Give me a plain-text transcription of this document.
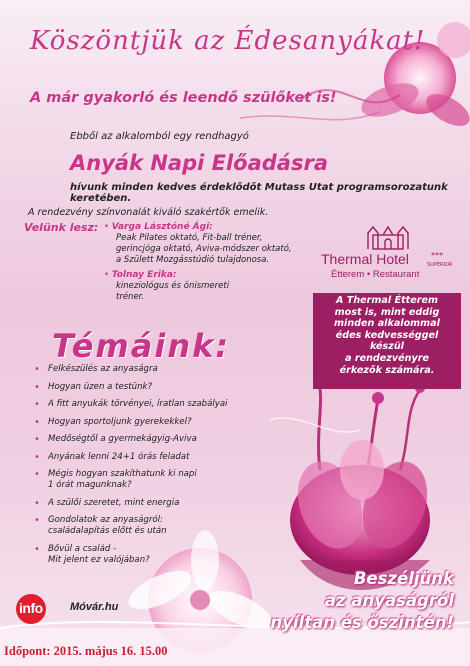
Köszöntjük az Édesanyákat!
A már gyakorló és leendő szülőket is!
Ebből az alkalomból egy rendhagyó
Anyák Napi Előadásra
hívunk minden kedves érdeklődőt Mutass Utat programsorozatunk keretében.
A rendezvény színvonalát kiváló szakértők emelik.
Velünk lesz: • Varga Lásztóné Ági:
Peak Pilates oktató, Fit-ball tréner,
gerincjóga oktató, Aviva-módszer oktató,
a Születt Mozgásstúdió tulajdonosa.
• Tolnay Erika:
kineziológus és önismereti
tréner.
Thermal Hotel	***
SUPERIOR
Étterem • Restaurant
A Thermal Étterem
most is, mint eddig
minden alkalommal
édes kedvességgel
készül
a rendezvényre
érkezők számára.
Témáink:
• Felkészülés az anyaságra
• Hogyan üzen a testünk?
• A fitt anyukák törvényei, íratlan szabályai
• Hogyan sportoljunk gyerekekkel?
• Medőségtől a gyermekágyig-Aviva
• Anyának lenni 24+1 órás feladat
• Mégis hogyan szakíthatunk ki napi
1 órát magunknak?
• A szülői szeretet, mint energia
• Gondolatok az anyaságról:
családalapítás előtt és után
• Bővül a család -
Mit jelent ez valójában?
Beszéljünk
az anyaságról
nyíltan és őszintén!
info Móvár.hu
Időpont: 2015. május 16. 15.00
